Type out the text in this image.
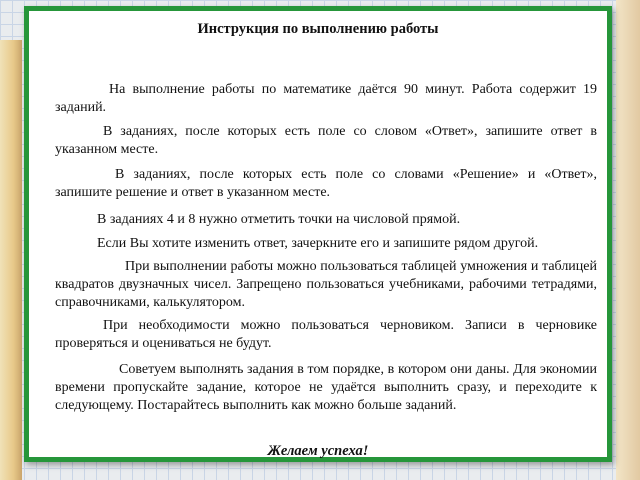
Инструкция по выполнению работы

На выполнение работы по математике даётся 90 минут. Работа содержит 19 заданий.

В заданиях, после которых есть поле со словом «Ответ», запишите ответ в указанном месте.

В заданиях, после которых есть поле со словами «Решение» и «Ответ», запишите решение и ответ в указанном месте.

В заданиях 4 и 8 нужно отметить точки на числовой прямой.

Если Вы хотите изменить ответ, зачеркните его и запишите рядом другой.

При выполнении работы можно пользоваться таблицей умножения и таблицей квадратов двузначных чисел. Запрещено пользоваться учебниками, рабочими тетрадями, справочниками, калькулятором.

При необходимости можно пользоваться черновиком. Записи в черновике проверяться и оцениваться не будут.

Советуем выполнять задания в том порядке, в котором они даны. Для экономии времени пропускайте задание, которое не удаётся выполнить сразу, и переходите к следующему. Постарайтесь выполнить как можно больше заданий.

Желаем успеха!
